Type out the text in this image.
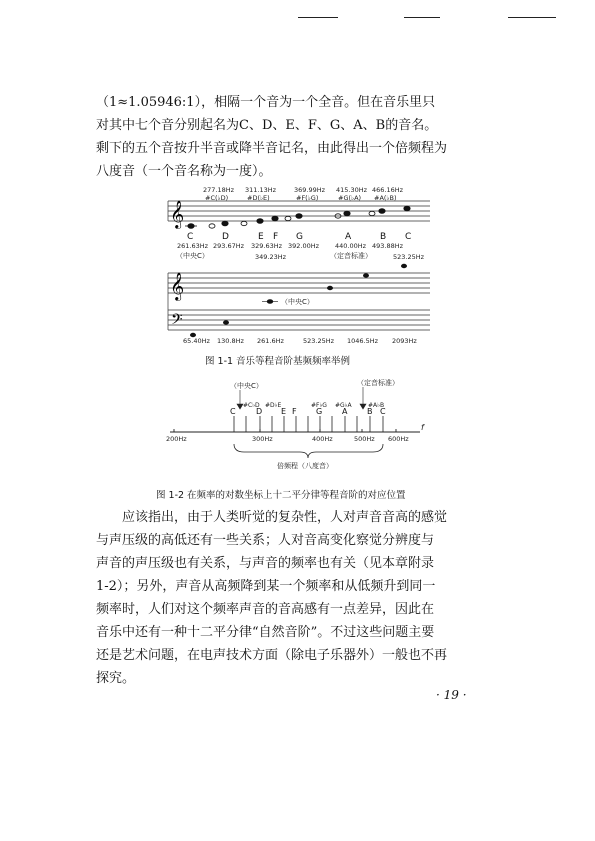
（1≈1.05946:1），相隔一个音为一个全音。但在音乐里只
对其中七个音分别起名为C、D、E、F、G、A、B的音名。
剩下的五个音按升半音或降半音记名，由此得出一个倍频程为
八度音（一个音名称为一度）。

𝄞
277.18Hz
#C(♭D)
311.13Hz
#D(♭E)
369.99Hz
#F(♭G)
415.30Hz
#G(♭A)
466.16Hz
#A(♭B)
C	D	E F G	A	B C
261.63Hz 293.67Hz 329.63Hz
349.23Hz
392.00Hz 440.00Hz 493.88Hz
523.25Hz
（中央C）	（定音标准）
𝄞
𝄢
（中央C）
65.40Hz 130.8Hz 261.6Hz	523.25Hz 1046.5Hz 2093Hz
图 1-1 音乐等程音阶基频频率举例
（中央C）	（定音标准）
#C♭D #D♭E	#F♭G #G♭A	#A♭B
C	D E F G A B C
f
200Hz	300Hz	400Hz	500Hz 600Hz
倍频程（八度音）
图 1-2 在频率的对数坐标上十二平分律等程音阶的对应位置

应该指出，由于人类听觉的复杂性，人对声音音高的感觉
与声压级的高低还有一些关系；人对音高变化察觉分辨度与
声音的声压级也有关系，与声音的频率也有关（见本章附录
1-2）；另外，声音从高频降到某一个频率和从低频升到同一
频率时，人们对这个频率声音的音高感有一点差异，因此在
音乐中还有一种十二平分律“自然音阶”。不过这些问题主要
还是艺术问题，在电声技术方面（除电子乐器外）一般也不再
探究。

· 19 ·
